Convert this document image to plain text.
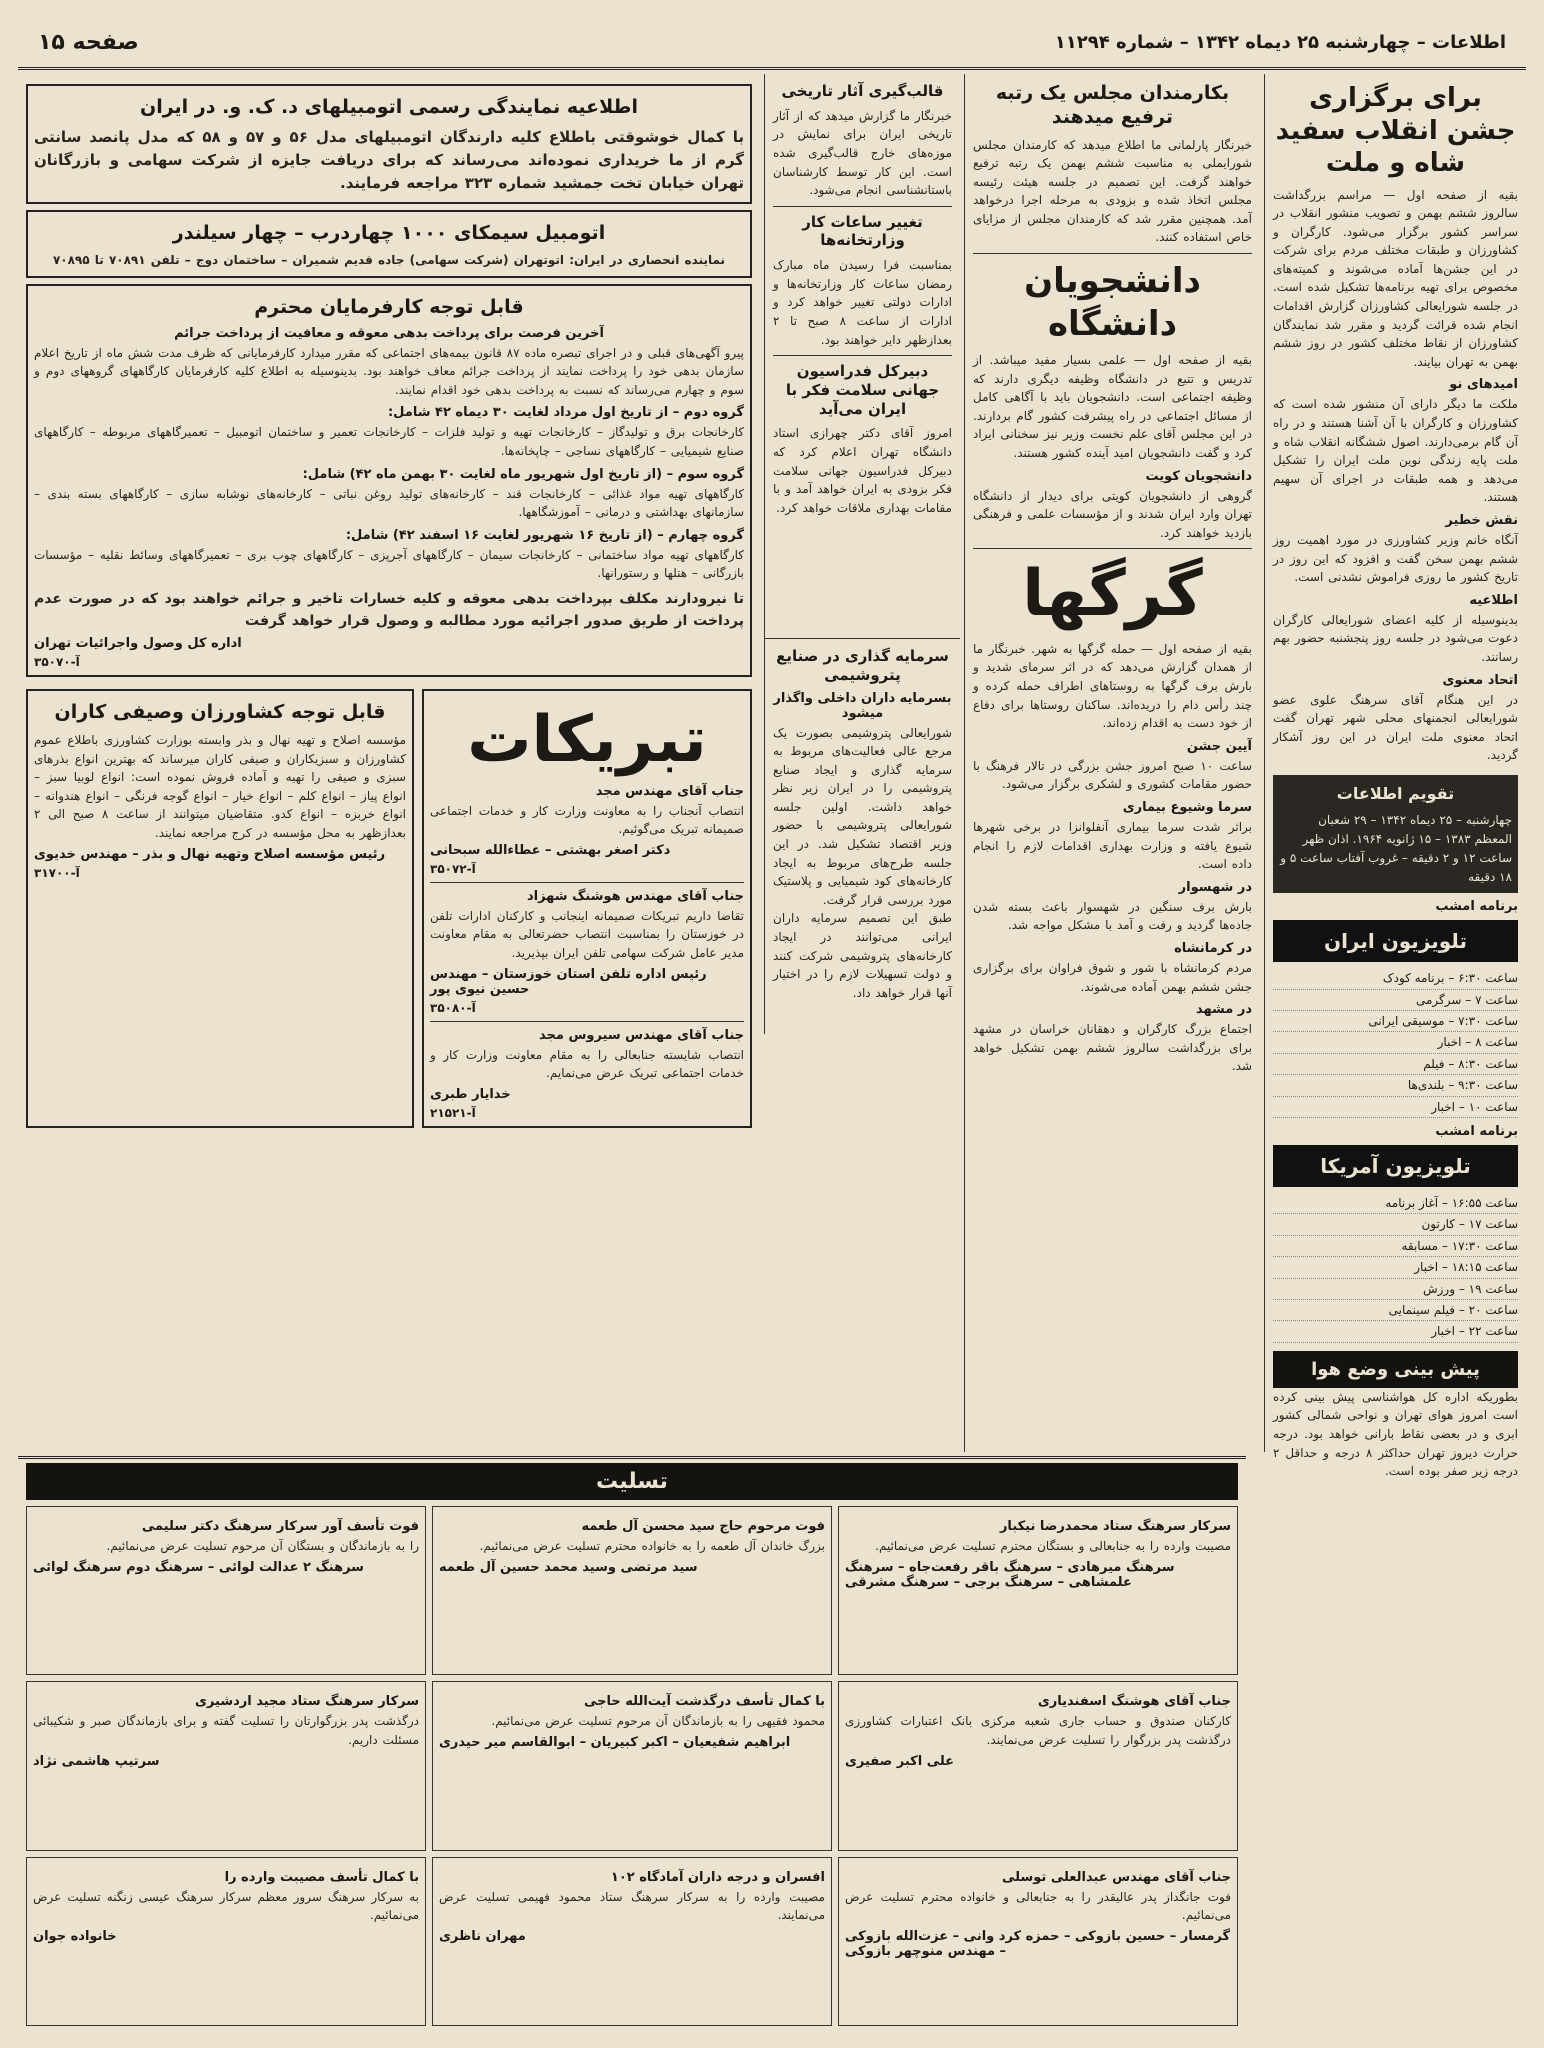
اطلاعات – چهارشنبه ۲۵ دیماه ۱۳۴۲ – شماره ۱۱۲۹۴
صفحه ۱۵
برای برگزاری جشن انقلاب سفید شاه و ملت
بقیه از صفحه اول — مراسم بزرگداشت سالروز ششم بهمن و تصویب منشور انقلاب در سراسر کشور برگزار می‌شود. کارگران و کشاورزان و طبقات مختلف مردم برای شرکت در این جشن‌ها آماده می‌شوند و کمیته‌های مخصوص برای تهیه برنامه‌ها تشکیل شده است. در جلسه شورایعالی کشاورزان گزارش اقدامات انجام شده قرائت گردید و مقرر شد نمایندگان کشاورزان از نقاط مختلف کشور در روز ششم بهمن به تهران بیایند.
امیدهای نو
ملکت ما دیگر دارای آن منشور شده است که کشاورزان و کارگران با آن آشنا هستند و در راه آن گام برمی‌دارند. اصول ششگانه انقلاب شاه و ملت پایه زندگی نوین ملت ایران را تشکیل می‌دهد و همه طبقات در اجرای آن سهیم هستند.
نقش خطیر
آنگاه خانم وزیر کشاورزی در مورد اهمیت روز ششم بهمن سخن گفت و افزود که این روز در تاریخ کشور ما روزی فراموش نشدنی است.
اطلاعیه
بدینوسیله از کلیه اعضای شورایعالی کارگران دعوت می‌شود در جلسه روز پنجشنبه حضور بهم رسانند.
اتحاد معنوی
در این هنگام آقای سرهنگ علوی عضو شورایعالی انجمنهای محلی شهر تهران گفت اتحاد معنوی ملت ایران در این روز آشکار گردید.
تقویم اطلاعات
چهارشنبه – ۲۵ دیماه ۱۳۴۲ – ۲۹ شعبان المعظم ۱۳۸۳ – ۱۵ ژانویه ۱۹۶۴. اذان ظهر ساعت ۱۲ و ۲ دقیقه – غروب آفتاب ساعت ۵ و ۱۸ دقیقه
برنامه امشب
تلویزیون ایران
ساعت ۶:۳۰ – برنامه کودک
ساعت ۷ – سرگرمی
ساعت ۷:۳۰ – موسیقی ایرانی
ساعت ۸ – اخبار
ساعت ۸:۳۰ – فیلم
ساعت ۹:۳۰ – بلندی‌ها
ساعت ۱۰ – اخبار
برنامه امشب
تلویزیون آمریکا
ساعت ۱۶:۵۵ – آغاز برنامه
ساعت ۱۷ – کارتون
ساعت ۱۷:۳۰ – مسابقه
ساعت ۱۸:۱۵ – اخبار
ساعت ۱۹ – ورزش
ساعت ۲۰ – فیلم سینمایی
ساعت ۲۲ – اخبار
پیش بینی وضع هوا
بطوریکه اداره کل هواشناسی پیش بینی کرده است امروز هوای تهران و نواحی شمالی کشور ابری و در بعضی نقاط بارانی خواهد بود. درجه حرارت دیروز تهران حداکثر ۸ درجه و حداقل ۲ درجه زیر صفر بوده است.
بکارمندان مجلس یک رتبه ترفیع میدهند
خبرنگار پارلمانی ما اطلاع میدهد که کارمندان مجلس شورایملی به مناسبت ششم بهمن یک رتبه ترفیع خواهند گرفت. این تصمیم در جلسه هیئت رئیسه مجلس اتخاذ شده و بزودی به مرحله اجرا درخواهد آمد. همچنین مقرر شد که کارمندان مجلس از مزایای خاص استفاده کنند.
دانشجویان دانشگاه
بقیه از صفحه اول — علمی بسیار مفید میباشد. از تدریس و تتبع در دانشگاه وظیفه دیگری دارند که وظیفه اجتماعی است. دانشجویان باید با آگاهی کامل از مسائل اجتماعی در راه پیشرفت کشور گام بردارند. در این مجلس آقای علم نخست وزیر نیز سخنانی ایراد کرد و گفت دانشجویان امید آینده کشور هستند.
دانشجویان کویت
گروهی از دانشجویان کویتی برای دیدار از دانشگاه تهران وارد ایران شدند و از مؤسسات علمی و فرهنگی بازدید خواهند کرد.
گرگها
بقیه از صفحه اول — حمله گرگها به شهر. خبرنگار ما از همدان گزارش می‌دهد که در اثر سرمای شدید و بارش برف گرگها به روستاهای اطراف حمله کرده و چند رأس دام را دریده‌اند. ساکنان روستاها برای دفاع از خود دست به اقدام زده‌اند.
آیین جشن
ساعت ۱۰ صبح امروز جشن بزرگی در تالار فرهنگ با حضور مقامات کشوری و لشکری برگزار می‌شود.
سرما وشیوع بیماری
براثر شدت سرما بیماری آنفلوانزا در برخی شهرها شیوع یافته و وزارت بهداری اقدامات لازم را انجام داده است.
در شهسوار
بارش برف سنگین در شهسوار باعث بسته شدن جاده‌ها گردید و رفت و آمد با مشکل مواجه شد.
در کرمانشاه
مردم کرمانشاه با شور و شوق فراوان برای برگزاری جشن ششم بهمن آماده می‌شوند.
در مشهد
اجتماع بزرگ کارگران و دهقانان خراسان در مشهد برای بزرگداشت سالروز ششم بهمن تشکیل خواهد شد.
قالب‌گیری آثار تاریخی
خبرنگار ما گزارش میدهد که از آثار تاریخی ایران برای نمایش در موزه‌های خارج قالب‌گیری شده است. این کار توسط کارشناسان باستانشناسی انجام می‌شود.
تغییر ساعات کار وزارتخانه‌ها
بمناسبت فرا رسیدن ماه مبارک رمضان ساعات کار وزارتخانه‌ها و ادارات دولتی تغییر خواهد کرد و ادارات از ساعت ۸ صبح تا ۲ بعدازظهر دایر خواهند بود.
دبیرکل فدراسیون جهانی سلامت فکر با ایران می‌آید
امروز آقای دکتر چهرازی استاد دانشگاه تهران اعلام کرد که دبیرکل فدراسیون جهانی سلامت فکر بزودی به ایران خواهد آمد و با مقامات بهداری ملاقات خواهد کرد.
سرمایه گذاری در صنایع پتروشیمی
بسرمایه داران داخلی واگذار میشود
شورایعالی پتروشیمی بصورت یک مرجع عالی فعالیت‌های مربوط به سرمایه گذاری و ایجاد صنایع پتروشیمی را در ایران زیر نظر خواهد داشت. اولین جلسه شورایعالی پتروشیمی با حضور وزیر اقتصاد تشکیل شد. در این جلسه طرح‌های مربوط به ایجاد کارخانه‌های کود شیمیایی و پلاستیک مورد بررسی قرار گرفت.
طبق این تصمیم سرمایه داران ایرانی می‌توانند در ایجاد کارخانه‌های پتروشیمی شرکت کنند و دولت تسهیلات لازم را در اختیار آنها قرار خواهد داد.
اطلاعیه نمایندگی رسمی اتومبیلهای د. ک. و. در ایران
با کمال خوشوقتی باطلاع کلیه دارندگان اتومبیلهای مدل ۵۶ و ۵۷ و ۵۸ که مدل پانصد سانتی گرم از ما خریداری نموده‌اند می‌رساند که برای دریافت جایزه از شرکت سهامی و بازرگانان تهران خیابان تخت جمشید شماره ۳۲۳ مراجعه فرمایند.
اتومبیل سیمکای ۱۰۰۰ چهاردرب – چهار سیلندر
نماینده انحصاری در ایران: اتوتهران (شرکت سهامی) جاده قدیم شمیران – ساختمان دوج – تلفن ۷۰۸۹۱ تا ۷۰۸۹۵
قابل توجه کارفرمایان محترم
آخرین فرصت برای پرداخت بدهی معوقه و معافیت از پرداخت جرائم
پیرو آگهی‌های قبلی و در اجرای تبصره ماده ۸۷ قانون بیمه‌های اجتماعی که مقرر میدارد کارفرمایانی که ظرف مدت شش ماه از تاریخ اعلام سازمان بدهی خود را پرداخت نمایند از پرداخت جرائم معاف خواهند بود. بدینوسیله به اطلاع کلیه کارفرمایان کارگاههای گروههای دوم و سوم و چهارم می‌رساند که نسبت به پرداخت بدهی خود اقدام نمایند.
گروه دوم – از تاریخ اول مرداد لغایت ۳۰ دیماه ۴۲ شامل:
کارخانجات برق و تولیدگاز – کارخانجات تهیه و تولید فلزات – کارخانجات تعمیر و ساختمان اتومبیل – تعمیرگاههای مربوطه – کارگاههای صنایع شیمیایی – کارگاههای نساجی – چاپخانه‌ها.
گروه سوم – (از تاریخ اول شهریور ماه لغایت ۳۰ بهمن ماه ۴۲) شامل:
کارگاههای تهیه مواد غذائی – کارخانجات قند – کارخانه‌های تولید روغن نباتی – کارخانه‌های نوشابه سازی – کارگاههای بسته بندی – سازمانهای بهداشتی و درمانی – آموزشگاهها.
گروه چهارم – (از تاریخ ۱۶ شهریور لغایت ۱۶ اسفند ۴۲) شامل:
کارگاههای تهیه مواد ساختمانی – کارخانجات سیمان – کارگاههای آجرپزی – کارگاههای چوب بری – تعمیرگاههای وسائط نقلیه – مؤسسات بازرگانی – هتلها و رستورانها.
تا نیرودارند مکلف بپرداخت بدهی معوقه و کلیه خسارات تاخیر و جرائم خواهند بود که در صورت عدم پرداخت از طریق صدور اجرائیه مورد مطالبه و وصول قرار خواهد گرفت
اداره کل وصول واجرائیات تهران
آ-۳۵۰۷۰
تبریکات
جناب آقای مهندس مجد
انتصاب آنجناب را به معاونت وزارت کار و خدمات اجتماعی صمیمانه تبریک می‌گوئیم.
دکتر اصغر بهشتی – عطاءالله سبحانی
آ-۳۵۰۷۲
جناب آقای مهندس هوشنگ شهزاد
تقاضا داریم تبریکات صمیمانه اینجانب و کارکنان ادارات تلفن در خوزستان را بمناسبت انتصاب حضرتعالی به مقام معاونت مدیر عامل شرکت سهامی تلفن ایران بپذیرید.
رئیس اداره تلفن استان خوزستان – مهندس حسین نیوی پور
آ-۳۵۰۸۰
جناب آقای مهندس سیروس مجد
انتصاب شایسته جنابعالی را به مقام معاونت وزارت کار و خدمات اجتماعی تبریک عرض می‌نمایم.
خدایار طبری
آ-۲۱۵۲۱
قابل توجه کشاورزان وصیفی کاران
مؤسسه اصلاح و تهیه نهال و بذر وابسته بوزارت کشاورزی باطلاع عموم کشاورزان و سبزیکاران و صیفی کاران میرساند که بهترین انواع بذرهای سبزی و صیفی را تهیه و آماده فروش نموده است: انواع لوبیا سبز – انواع پیاز – انواع کلم – انواع خیار – انواع گوجه فرنگی – انواع هندوانه – انواع خربزه – انواع کدو. متقاضیان میتوانند از ساعت ۸ صبح الی ۲ بعدازظهر به محل مؤسسه در کرج مراجعه نمایند.
رئیس مؤسسه اصلاح وتهیه نهال و بذر – مهندس خدیوی
آ-۳۱۷۰۰
تسلیت
سرکار سرهنگ ستاد محمدرضا نیکبار
مصیبت وارده را به جنابعالی و بستگان محترم تسلیت عرض می‌نمائیم.
سرهنگ میرهادی – سرهنگ باقر رفعت‌جاه – سرهنگ علمشاهی – سرهنگ برجی – سرهنگ مشرقی
فوت مرحوم حاج سید محسن آل طعمه
بزرگ خاندان آل طعمه را به خانواده محترم تسلیت عرض می‌نمائیم.
سید مرتضی وسید محمد حسین آل طعمه
فوت تأسف آور سرکار سرهنگ دکتر سلیمی
را به بازماندگان و بستگان آن مرحوم تسلیت عرض می‌نمائیم.
سرهنگ ۲ عدالت لوائی – سرهنگ دوم سرهنگ لوائی
جناب آقای هوشنگ اسفندیاری
کارکنان صندوق و حساب جاری شعبه مرکزی بانک اعتبارات کشاورزی درگذشت پدر بزرگوار را تسلیت عرض می‌نمایند.
علی اکبر صفیری
با کمال تأسف درگذشت آیت‌الله حاجی
محمود فقیهی را به بازماندگان آن مرحوم تسلیت عرض می‌نمائیم.
ابراهیم شفیعیان – اکبر کبیریان – ابوالقاسم میر حیدری
سرکار سرهنگ ستاد مجید اردشیری
درگذشت پدر بزرگوارتان را تسلیت گفته و برای بازماندگان صبر و شکیبائی مسئلت داریم.
سرتیپ هاشمی نژاد
جناب آقای مهندس عبدالعلی توسلی
فوت جانگداز پدر عالیقدر را به جنابعالی و خانواده محترم تسلیت عرض می‌نمائیم.
گرمسار – حسین بازوکی – حمزه کرد وانی – عزت‌الله بازوکی – مهندس منوچهر بازوکی
افسران و درجه داران آمادگاه ۱۰۲
مصیبت وارده را به سرکار سرهنگ ستاد محمود فهیمی تسلیت عرض می‌نمایند.
مهران ناظری
با کمال تأسف مصیبت وارده را
به سرکار سرهنگ سرور معظم سرکار سرهنگ عیسی زنگنه تسلیت عرض می‌نمائیم.
خانواده جوان
